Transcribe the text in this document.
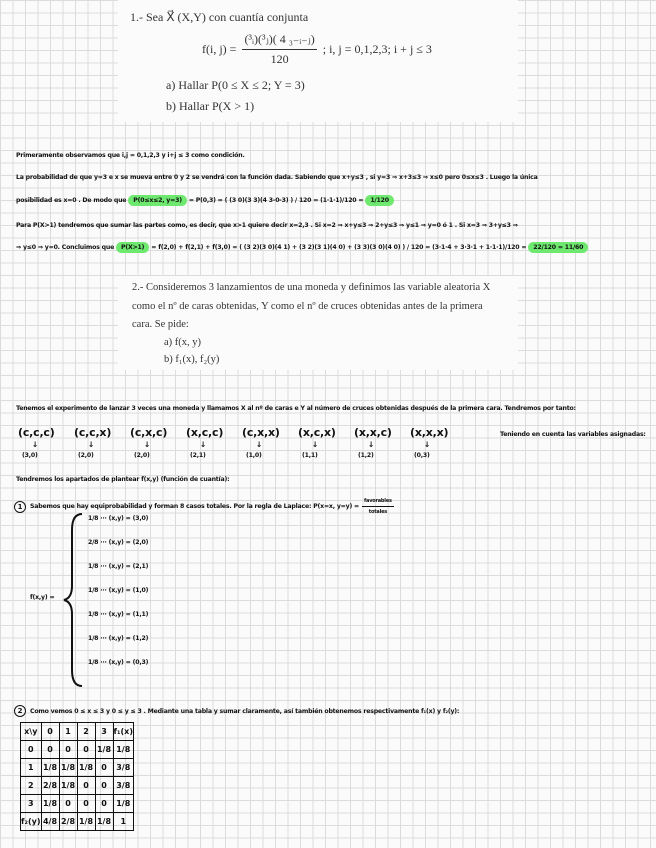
1.- Sea X⃗ (X,Y) con cuantía conjunta
f(i, $j) = \frac{\text{(³ᵢ)(³ⱼ)( 4 ₃₋ᵢ₋ⱼ)}}{120}$ ; i, j = 0,1,2,3; i + j ≤ 3
a) Hallar P(0 ≤ X ≤ 2; Y = 3)
b) Hallar P(X > 1)
Primeramente observamos que i,j = 0,1,2,3 y i+j ≤ 3 como condición.
La probabilidad de que y=3 e x se mueva entre 0 y 2 se vendrá con la función dada. Sabiendo que x+y≤3 , si y=3 ⇒ x+3≤3 ⇒ x≤0 pero 0≤x≤3 . Luego la única
posibilidad es x=0 . De modo que P(0≤x≤2, y=3) = P(0,3) = ( (3 0)(3 3)(4 3-0-3) ) / 120 = (1·1·1)/120 = 1/120
Para P(X>1) tendremos que sumar las partes como, es decir, que x>1 quiere decir x=2,3 . Si x=2 ⇒ x+y≤3 ⇒ 2+y≤3 ⇒ y≤1 ⇒ y=0 ó 1 . Si x=3 ⇒ 3+y≤3 ⇒
⇒ y≤0 ⇒ y=0. Concluimos que P(X>1) = f(2,0) + f(2,1) + f(3,0) = ( (3 2)(3 0)(4 1) + (3 2)(3 1)(4 0) + (3 3)(3 0)(4 0) ) / 120 = (3·1·4 + 3·3·1 + 1·1·1)/120 = 22/120 = 11/60
2.- Consideremos 3 lanzamientos de una moneda y definimos las variable aleatoria X
como el nº de caras obtenidas, Y como el nº de cruces obtenidas antes de la primera
cara. Se pide:
a) f(x, y)
b) f₁(x), f₂(y)
Tenemos el experimento de lanzar 3 veces una moneda y llamamos X al nº de caras e Y al número de cruces obtenidas después de la primera cara. Tendremos por tanto:
(c,c,c)
↓
(3,0)
(c,c,x)
↓
(2,0)
(c,x,c)
↓
(2,0)
(x,c,c)
↓
(2,1)
(c,x,x)
↓
(1,0)
(x,c,x)
↓
(1,1)
(x,x,c)
↓
(1,2)
(x,x,x)
↓
(0,3)
Teniendo en cuenta las variables asignadas:
Tendremos los apartados de plantear f(x,y) (función de cuantía):
1	Sabemos que hay equiprobabilidad y forman 8 casos totales. Por la regla de Laplace: P(x=x, $y=y) = \frac{\text{favorables}}{\text{totales}}$
f(x,y) =
1/8 ··· (x,y) = (3,0)
2/8 ··· (x,y) = (2,0)
1/8 ··· (x,y) = (2,1)
1/8 ··· (x,y) = (1,0)
1/8 ··· (x,y) = (1,1)
1/8 ··· (x,y) = (1,2)
1/8 ··· (x,y) = (0,3)
2	Como vemos 0 ≤ x ≤ 3 y 0 ≤ y ≤ 3 . Mediante una tabla y sumar claramente, así también obtenemos respectivamente f₁(x) y f₂(y):
x\y	0	1	2	3	f₁(x)
0	0	0	0	1/8	1/8
1	1/8	1/8	1/8	0	3/8
2	2/8	1/8	0	0	3/8
3	1/8	0	0	0	1/8
f₂(y)	4/8	2/8	1/8	1/8	1
